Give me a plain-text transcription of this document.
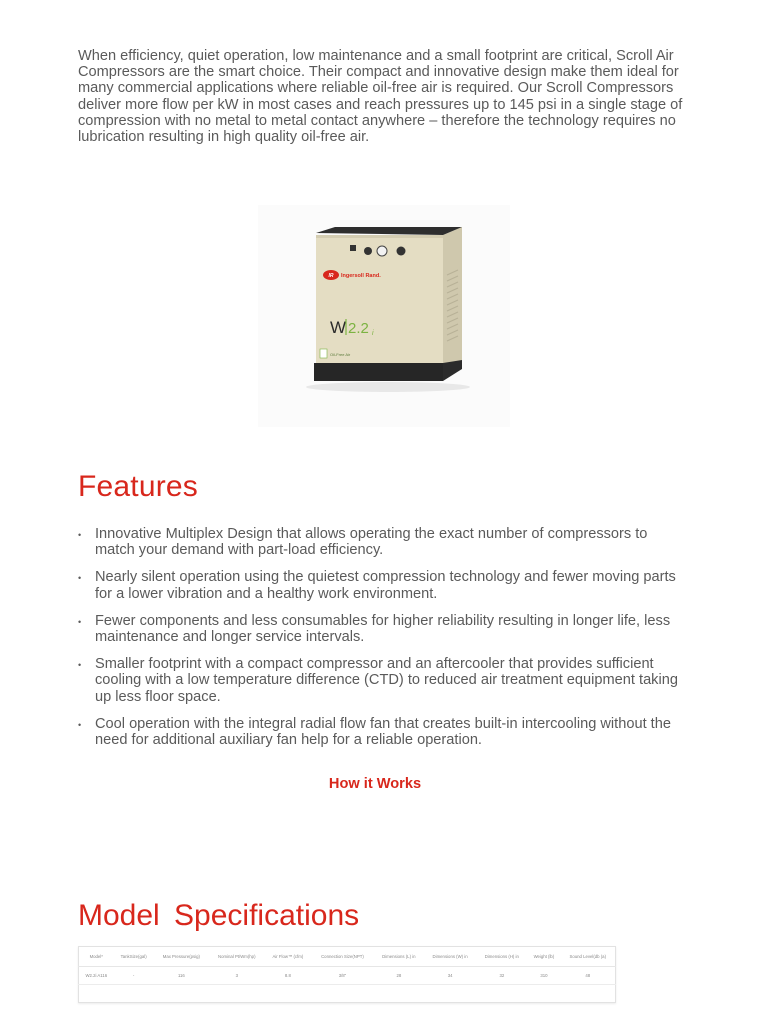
When efficiency, quiet operation, low maintenance and a small footprint are critical, Scroll Air Compressors are the smart choice. Their compact and innovative design make them ideal for many commercial applications where reliable oil-free air is required. Our Scroll Compressors deliver more flow per kW in most cases and reach pressures up to 145 psi in a single stage of compression with no metal to metal contact anywhere – therefore the technology requires no lubrication resulting in high quality oil-free air.

IR Ingersoll Rand.
W 2.2 i
Oil-Free Air
Features
• Innovative Multiplex Design that allows operating the exact number of compressors to match your demand with part-load efficiency.
• Nearly silent operation using the quietest compression technology and fewer moving parts for a lower vibration and a healthy work environment.
• Fewer components and less consumables for higher reliability resulting in longer life, less maintenance and longer service intervals.
• Smaller footprint with a compact compressor and an aftercooler that provides sufficient cooling with a low temperature difference (CTD) to reduced air treatment equipment taking up less floor space.
• Cool operation with the integral radial flow fan that creates built-in intercooling without the need for additional auxiliary fan help for a reliable operation.
How it Works
Model Specifications
Model*	TankSize(gal)	Max Pressure(psig)	Nominal Pt/Wm(hp)	Air Flow™ (cfm)	Connection Size(NPT)	Dimensions (L) in	Dimensions (W) in	Dimensions (H) in	Weight (lb)	Sound Level(db (a)
W2.2i A116	-	116	3	8.8	3/8"	28	34	32	310	48
